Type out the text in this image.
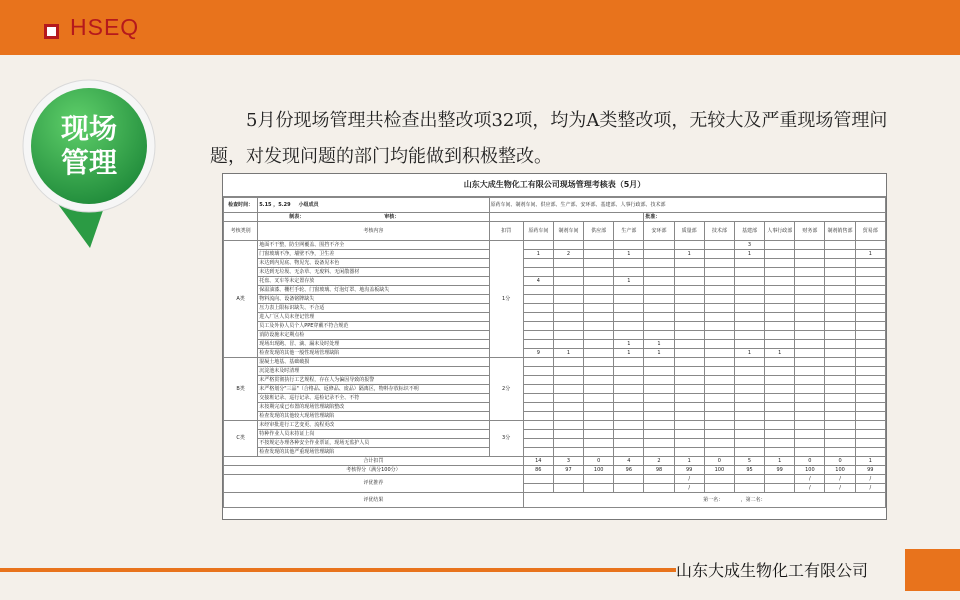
HSEQ
现场
管理
5月份现场管理共检查出整改项32项，均为A类整改项，无较大及严重现场管理问题，对发现问题的部门均能做到积极整改。
山东大成生物化工有限公司现场管理考核表（5月）
检查时间：	5.15 ，5.29 小组成员	原药车间、制剂车间、供应部、生产部、安环部、基建部、人事行政部、技术部												
	制表： 审核：						批准：							
考核类别	考核内容	扣罚	原药车间	制剂车间	供应部	生产部	安环部	质量部	技术部	基建部	人事行政部	财务部	制剂销售部	贸易部
A类	地面不干整，防尘网覆盖、围挡不齐全	1分								3				
	门窗玻璃不净，墙壁不净，卫生差		1	2		1		1		1				1
	未达到内见底、物见光、设备见本色													
	未达到无垃圾、无杂草、无废料、无闲散器材													
	托盘、叉车等未定置存放		4			1								
	保温油漆、栅栏手轮、门窗玻璃、灯泡灯罩、地沟盖板缺失													
	物料流向、设备铭牌缺失													
	压力表上限标识缺失、不合适													
	进入厂区人员未登记管理													
	员工及外协人员个人PPE穿戴不符合规范													
	消防设施未定期点检													
	现场出现跑、冒、滴、漏未及时处理					1	1							
	检查发现的其他一般性现场管理缺陷		9	1		1	1			1	1			
B类	混凝土地基、基础破损	2分												
	沉淀池未及时清理													
	未严格贯彻执行工艺规程，存在人为偏因导致的报警													
	未严格划分"三品"（合格品、返修品、废品）隔离区，物料存放标识不明													
	交接班记录、巡行记录、巡检记录不全、不符													
	未按期完成已布置的现场管理缺陷整改													
	检查发现的其他较大现场管理缺陷													
C类	未经审批进行工艺变更、流程更改	3分												
	特种作业人员未持证上岗													
	不按规定办理各种安全作业票证，现场无监护人员													
	检查发现的其他严重现场管理缺陷													
合计扣罚			14	3	0	4	2	1	0	5	1	0	0	1
考核得分（满分100分）			86	97	100	96	98	99	100	95	99	100	100	99
评优推荐								/				/	/	/
								/				/	/	/
评优结果			第一名： ，第二名：											
山东大成生物化工有限公司
